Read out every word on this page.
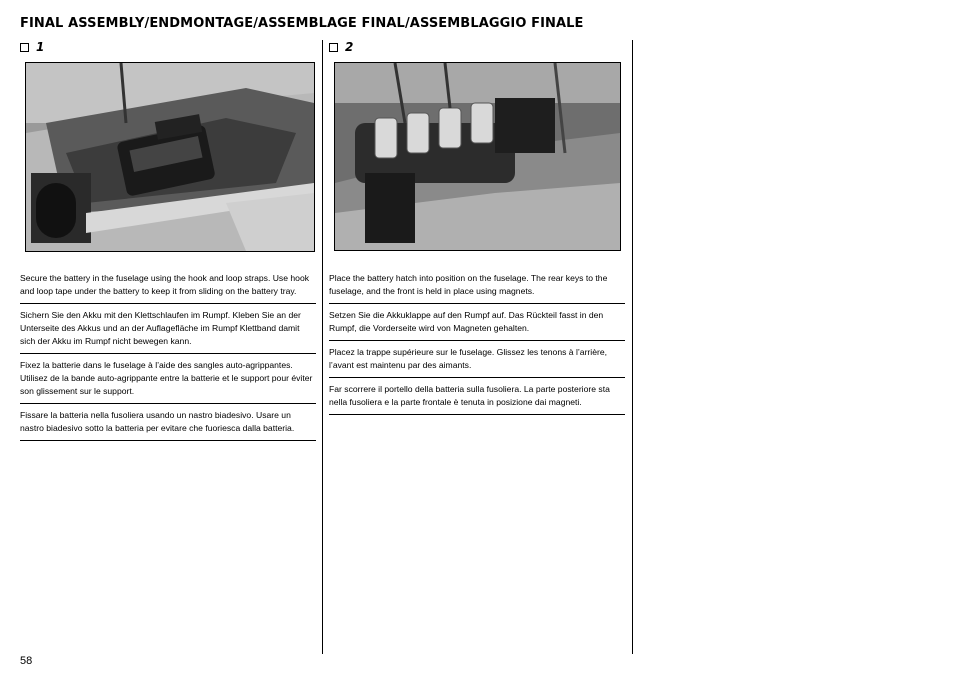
FINAL ASSEMBLY/ENDMONTAGE/ASSEMBLAGE FINAL/ASSEMBLAGGIO FINALE
1
Secure the battery in the fuselage using the hook and loop straps. Use hook and loop tape under the battery to keep it from sliding on the battery tray.
Sichern Sie den Akku mit den Klettschlaufen im Rumpf. Kleben Sie an der Unterseite des Akkus und an der Auflagefläche im Rumpf Klettband damit sich der Akku im Rumpf nicht bewegen kann.
Fixez la batterie dans le fuselage à l’aide des sangles auto-agrippantes. Utilisez de la bande auto-agrippante entre la batterie et le support pour éviter son glissement sur le support.
Fissare la batteria nella fusoliera usando un nastro biadesivo. Usare un nastro biadesivo sotto la batteria per evitare che fuoriesca dalla batteria.
2
Place the battery hatch into position on the fuselage. The rear keys to the fuselage, and the front is held in place using magnets.
Setzen Sie die Akkuklappe auf den Rumpf auf. Das Rückteil fasst in den Rumpf, die Vorderseite wird von Magneten gehalten.
Placez la trappe supérieure sur le fuselage. Glissez les tenons à l’arrière, l’avant est maintenu par des aimants.
Far scorrere il portello della batteria sulla fusoliera. La parte posteriore sta nella fusoliera e la parte frontale è tenuta in posizione dai magneti.
58
